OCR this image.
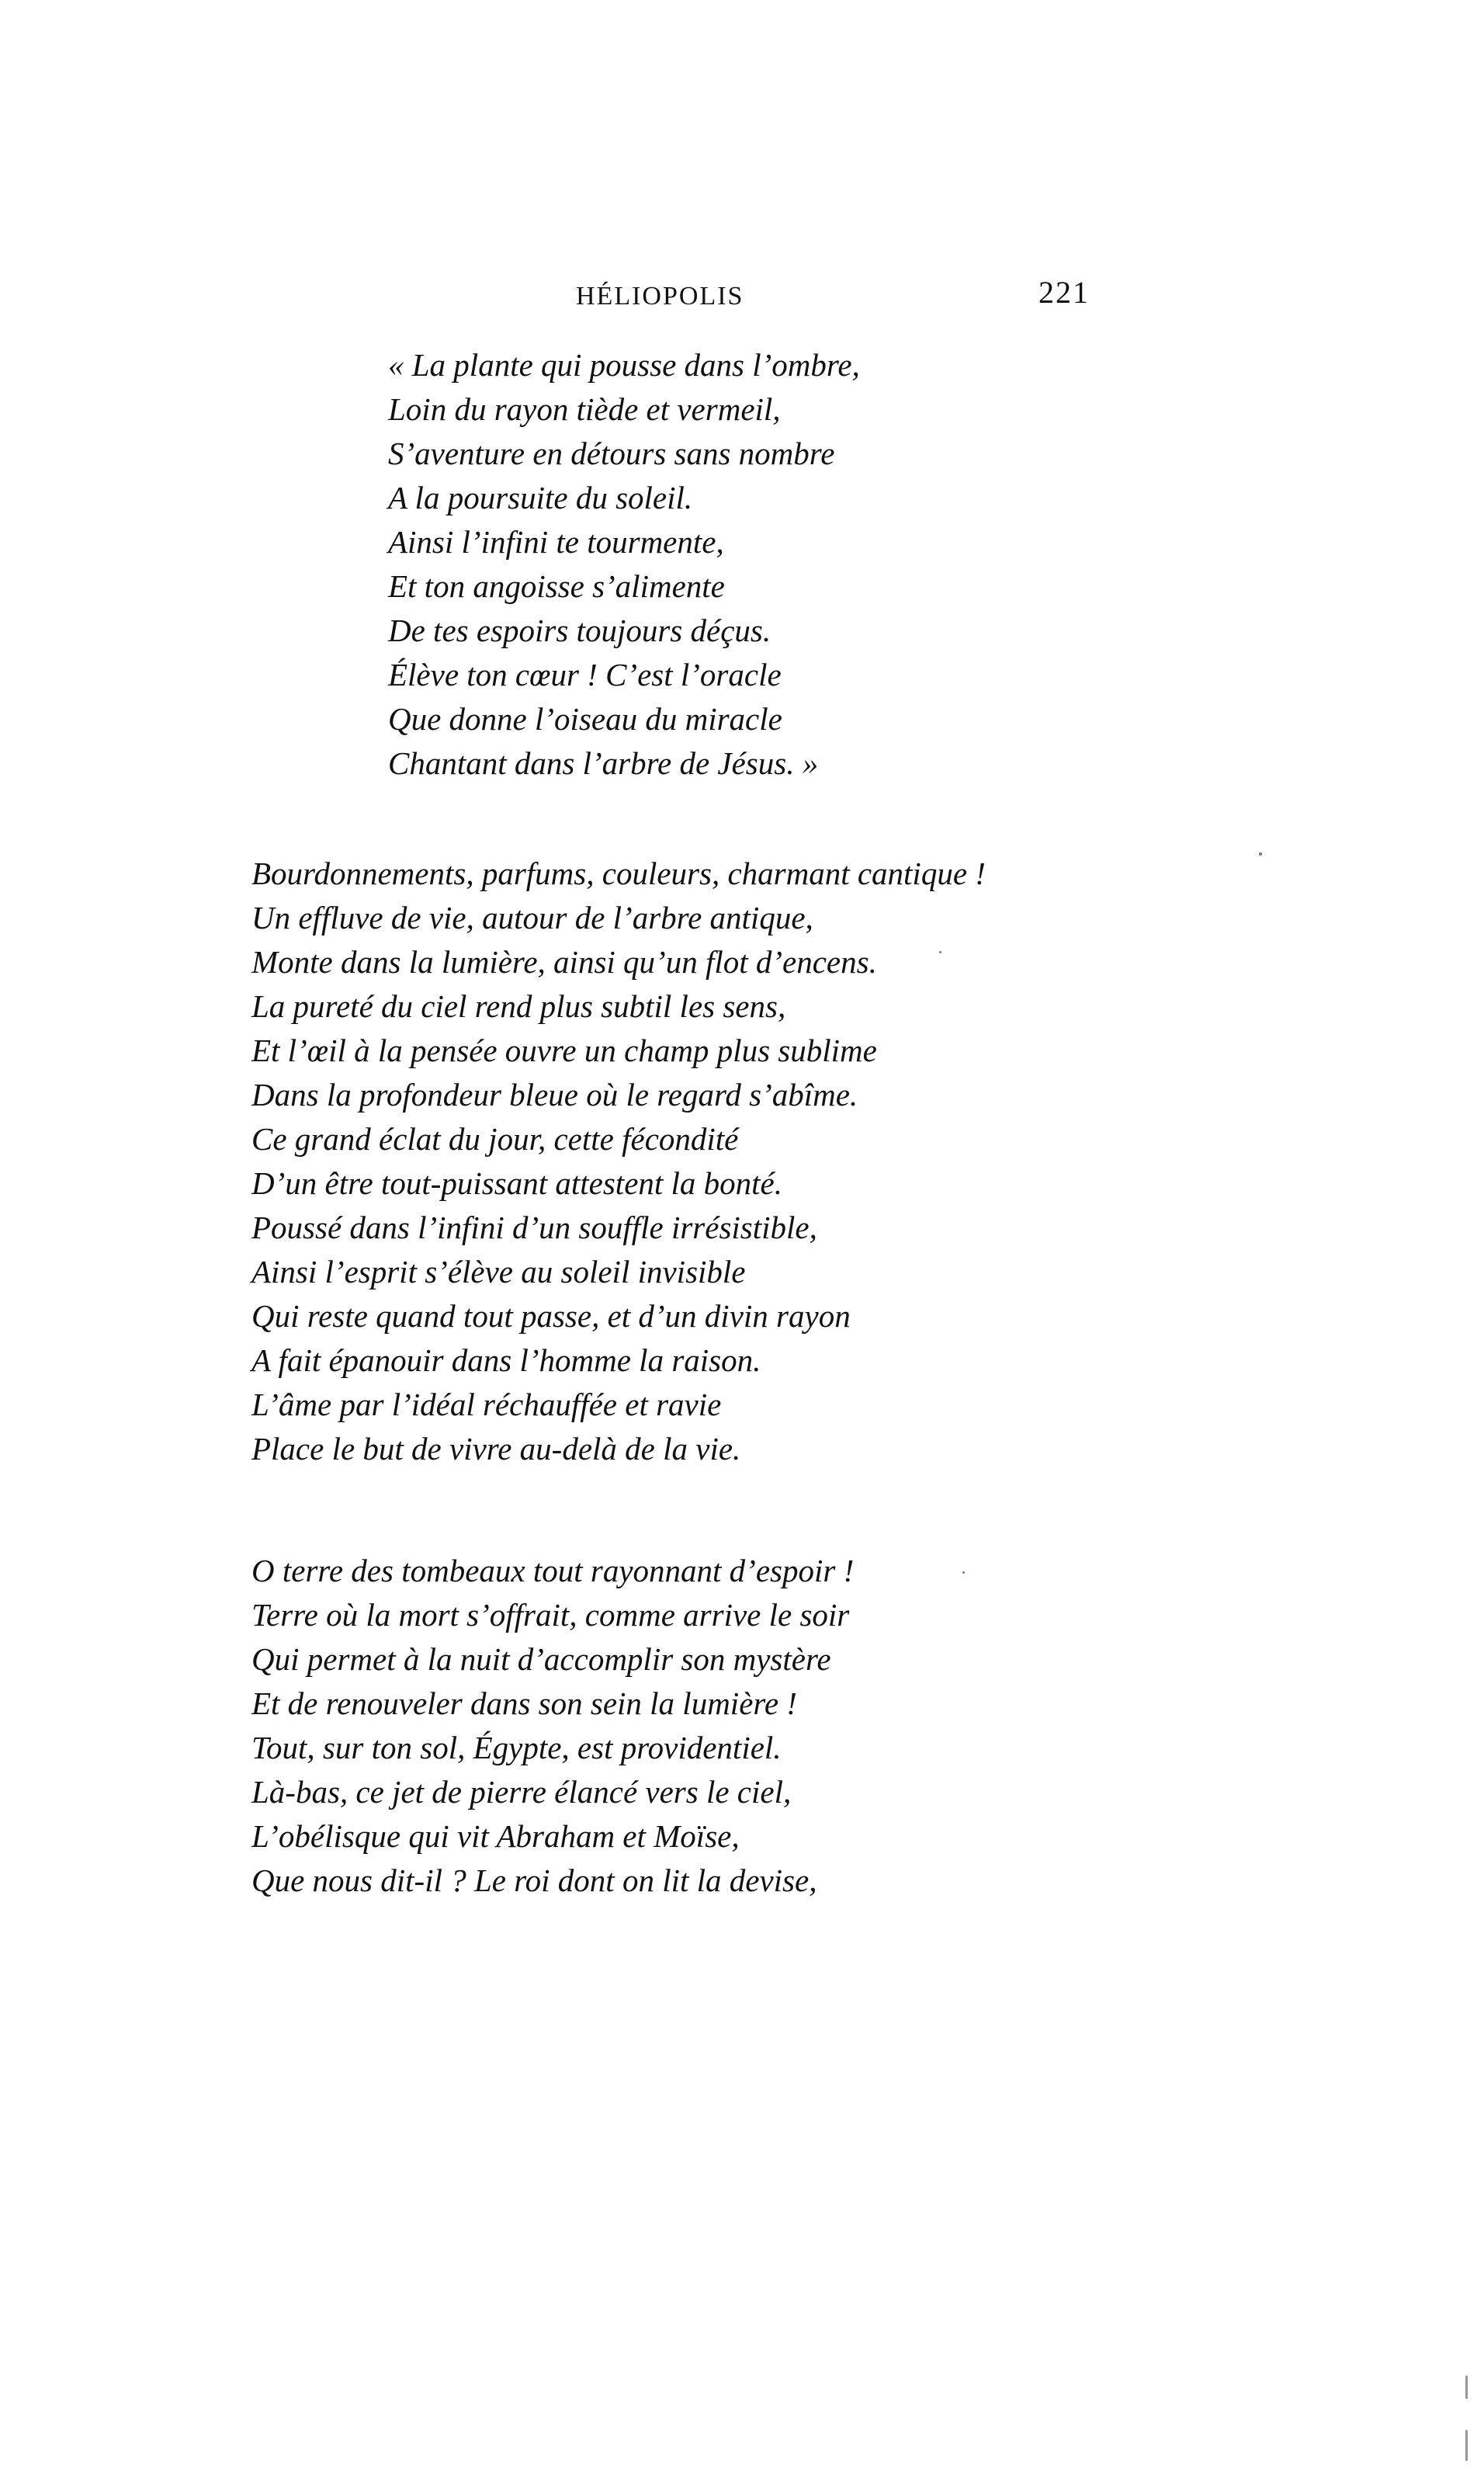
HÉLIOPOLIS	221
« La plante qui pousse dans l’ombre,
Loin du rayon tiède et vermeil,
S’aventure en détours sans nombre
A la poursuite du soleil.
Ainsi l’infini te tourmente,
Et ton angoisse s’alimente
De tes espoirs toujours déçus.
Élève ton cœur ! C’est l’oracle
Que donne l’oiseau du miracle
Chantant dans l’arbre de Jésus. »
Bourdonnements, parfums, couleurs, charmant cantique !
Un effluve de vie, autour de l’arbre antique,
Monte dans la lumière, ainsi qu’un flot d’encens.
La pureté du ciel rend plus subtil les sens,
Et l’œil à la pensée ouvre un champ plus sublime
Dans la profondeur bleue où le regard s’abîme.
Ce grand éclat du jour, cette fécondité
D’un être tout-puissant attestent la bonté.
Poussé dans l’infini d’un souffle irrésistible,
Ainsi l’esprit s’élève au soleil invisible
Qui reste quand tout passe, et d’un divin rayon
A fait épanouir dans l’homme la raison.
L’âme par l’idéal réchauffée et ravie
Place le but de vivre au-delà de la vie.
O terre des tombeaux tout rayonnant d’espoir !
Terre où la mort s’offrait, comme arrive le soir
Qui permet à la nuit d’accomplir son mystère
Et de renouveler dans son sein la lumière !
Tout, sur ton sol, Égypte, est providentiel.
Là-bas, ce jet de pierre élancé vers le ciel,
L’obélisque qui vit Abraham et Moïse,
Que nous dit-il ? Le roi dont on lit la devise,
